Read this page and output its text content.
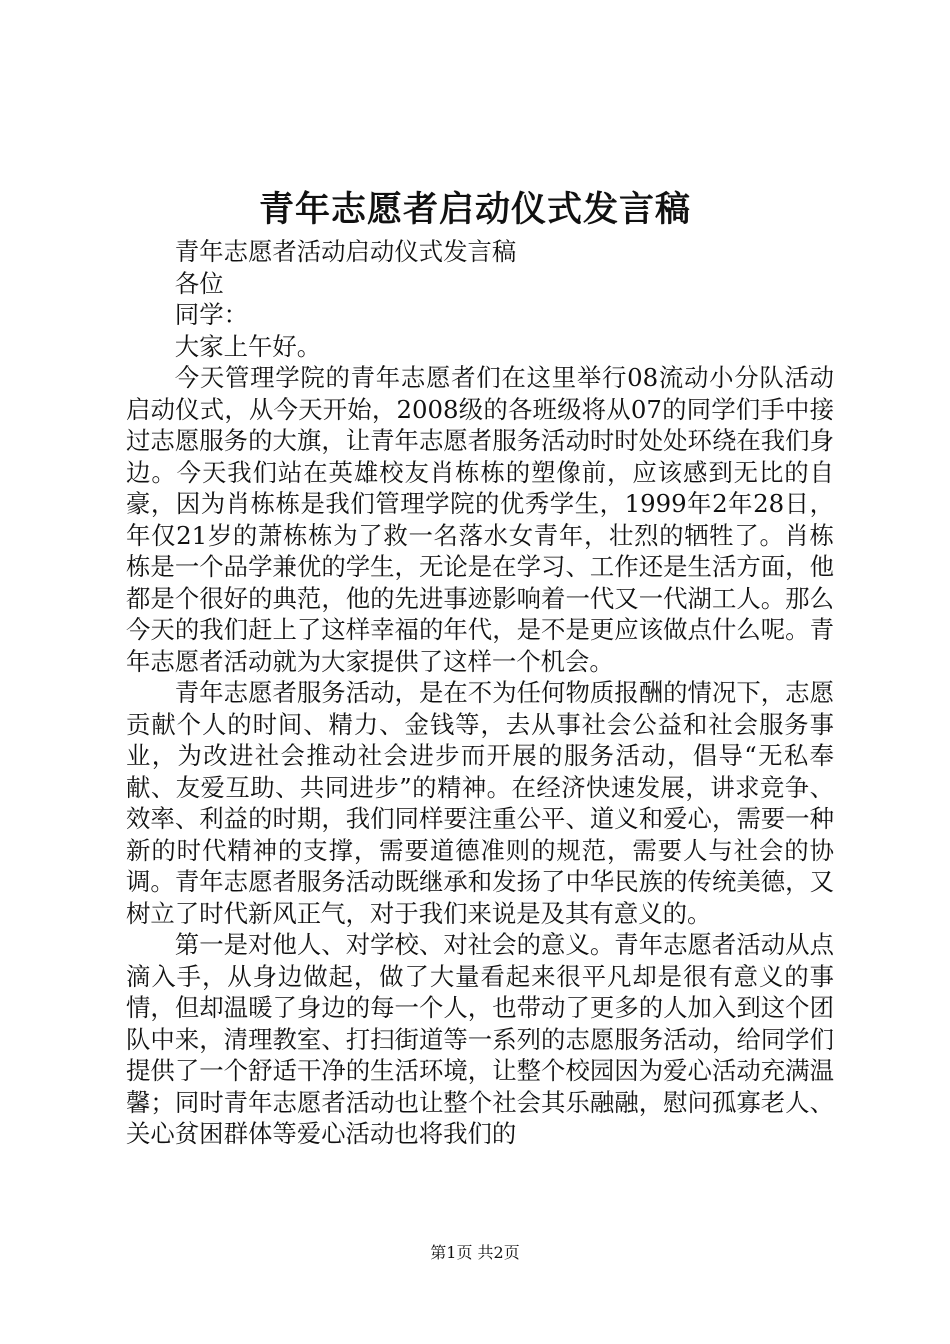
青年志愿者启动仪式发言稿

青年志愿者活动启动仪式发言稿

各位

同学：

大家上午好。

今天管理学院的青年志愿者们在这里举行08流动小分队活动启动仪式，从今天开始，2008级的各班级将从07的同学们手中接过志愿服务的大旗，让青年志愿者服务活动时时处处环绕在我们身边。今天我们站在英雄校友肖栋栋的塑像前，应该感到无比的自豪，因为肖栋栋是我们管理学院的优秀学生，1999年2年28日，年仅21岁的萧栋栋为了救一名落水女青年，壮烈的牺牲了。肖栋栋是一个品学兼优的学生，无论是在学习、工作还是生活方面，他都是个很好的典范，他的先进事迹影响着一代又一代湖工人。那么今天的我们赶上了这样幸福的年代，是不是更应该做点什么呢。青年志愿者活动就为大家提供了这样一个机会。

青年志愿者服务活动，是在不为任何物质报酬的情况下，志愿贡献个人的时间、精力、金钱等，去从事社会公益和社会服务事业，为改进社会推动社会进步而开展的服务活动，倡导“无私奉献、友爱互助、共同进步”的精神。在经济快速发展，讲求竞争、效率、利益的时期，我们同样要注重公平、道义和爱心，需要一种新的时代精神的支撑，需要道德准则的规范，需要人与社会的协调。青年志愿者服务活动既继承和发扬了中华民族的传统美德，又树立了时代新风正气，对于我们来说是及其有意义的。

第一是对他人、对学校、对社会的意义。青年志愿者活动从点滴入手，从身边做起，做了大量看起来很平凡却是很有意义的事情，但却温暖了身边的每一个人，也带动了更多的人加入到这个团队中来，清理教室、打扫街道等一系列的志愿服务活动，给同学们提供了一个舒适干净的生活环境，让整个校园因为爱心活动充满温馨；同时青年志愿者活动也让整个社会其乐融融，慰问孤寡老人、关心贫困群体等爱心活动也将我们的

第1页 共2页
